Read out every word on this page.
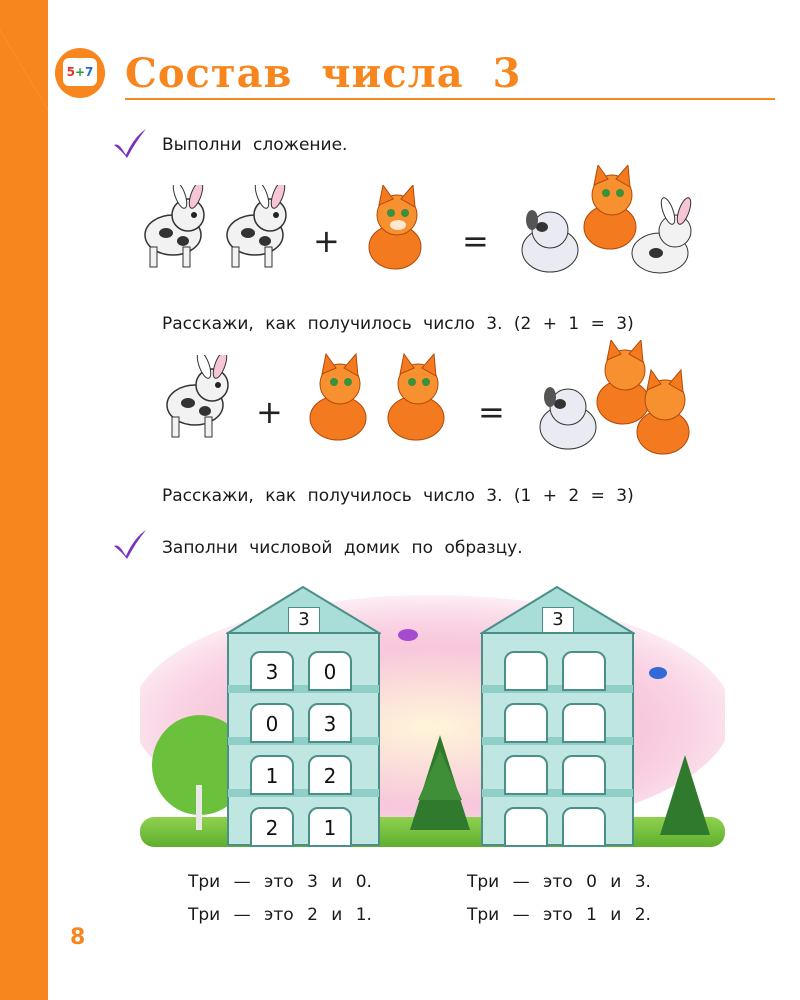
5+7 Состав числа 3
Выполни сложение.
+	=
Расскажи, как получилось число 3. (2 + 1 = 3)
+	=
Расскажи, как получилось число 3. (1 + 2 = 3)
Заполни числовой домик по образцу.
3
3	0
0	3
1	2
2	1
3
Три — это 3 и 0.
Три — это 2 и 1.
Три — это 0 и 3.
Три — это 1 и 2.
8
